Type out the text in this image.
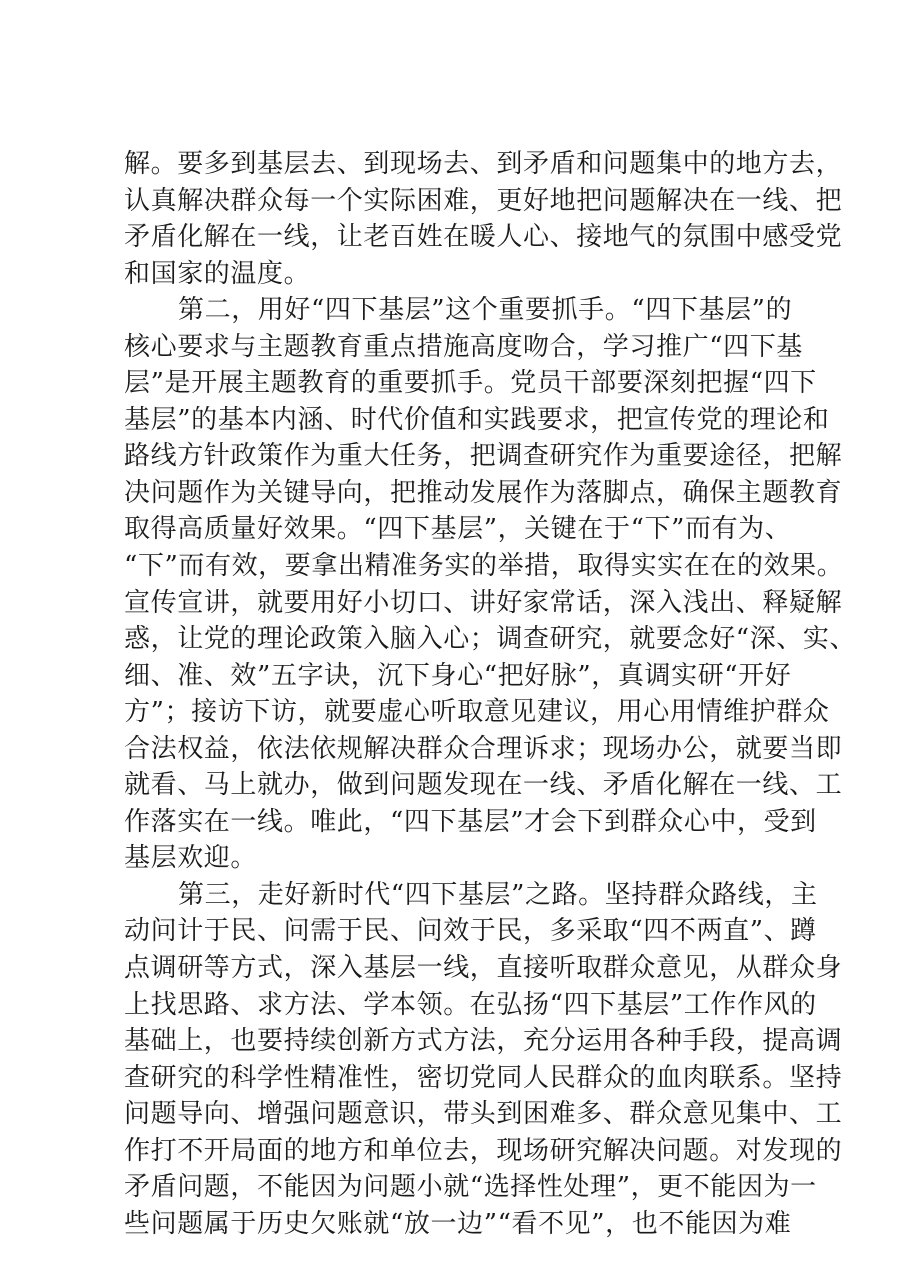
解。要多到基层去、到现场去、到矛盾和问题集中的地方去，
认真解决群众每一个实际困难，更好地把问题解决在一线、把
矛盾化解在一线，让老百姓在暖人心、接地气的氛围中感受党
和国家的温度。
第二，用好“四下基层”这个重要抓手。“四下基层”的
核心要求与主题教育重点措施高度吻合，学习推广“四下基
层”是开展主题教育的重要抓手。党员干部要深刻把握“四下
基层”的基本内涵、时代价值和实践要求，把宣传党的理论和
路线方针政策作为重大任务，把调查研究作为重要途径，把解
决问题作为关键导向，把推动发展作为落脚点，确保主题教育
取得高质量好效果。“四下基层”，关键在于“下”而有为、
“下”而有效，要拿出精准务实的举措，取得实实在在的效果。
宣传宣讲，就要用好小切口、讲好家常话，深入浅出、释疑解
惑，让党的理论政策入脑入心；调查研究，就要念好“深、实、
细、准、效”五字诀，沉下身心“把好脉”，真调实研“开好
方”；接访下访，就要虚心听取意见建议，用心用情维护群众
合法权益，依法依规解决群众合理诉求；现场办公，就要当即
就看、马上就办，做到问题发现在一线、矛盾化解在一线、工
作落实在一线。唯此，“四下基层”才会下到群众心中，受到
基层欢迎。
第三，走好新时代“四下基层”之路。坚持群众路线，主
动问计于民、问需于民、问效于民，多采取“四不两直”、蹲
点调研等方式，深入基层一线，直接听取群众意见，从群众身
上找思路、求方法、学本领。在弘扬“四下基层”工作作风的
基础上，也要持续创新方式方法，充分运用各种手段，提高调
查研究的科学性精准性，密切党同人民群众的血肉联系。坚持
问题导向、增强问题意识，带头到困难多、群众意见集中、工
作打不开局面的地方和单位去，现场研究解决问题。对发现的
矛盾问题，不能因为问题小就“选择性处理”，更不能因为一
些问题属于历史欠账就“放一边”“看不见”，也不能因为难
